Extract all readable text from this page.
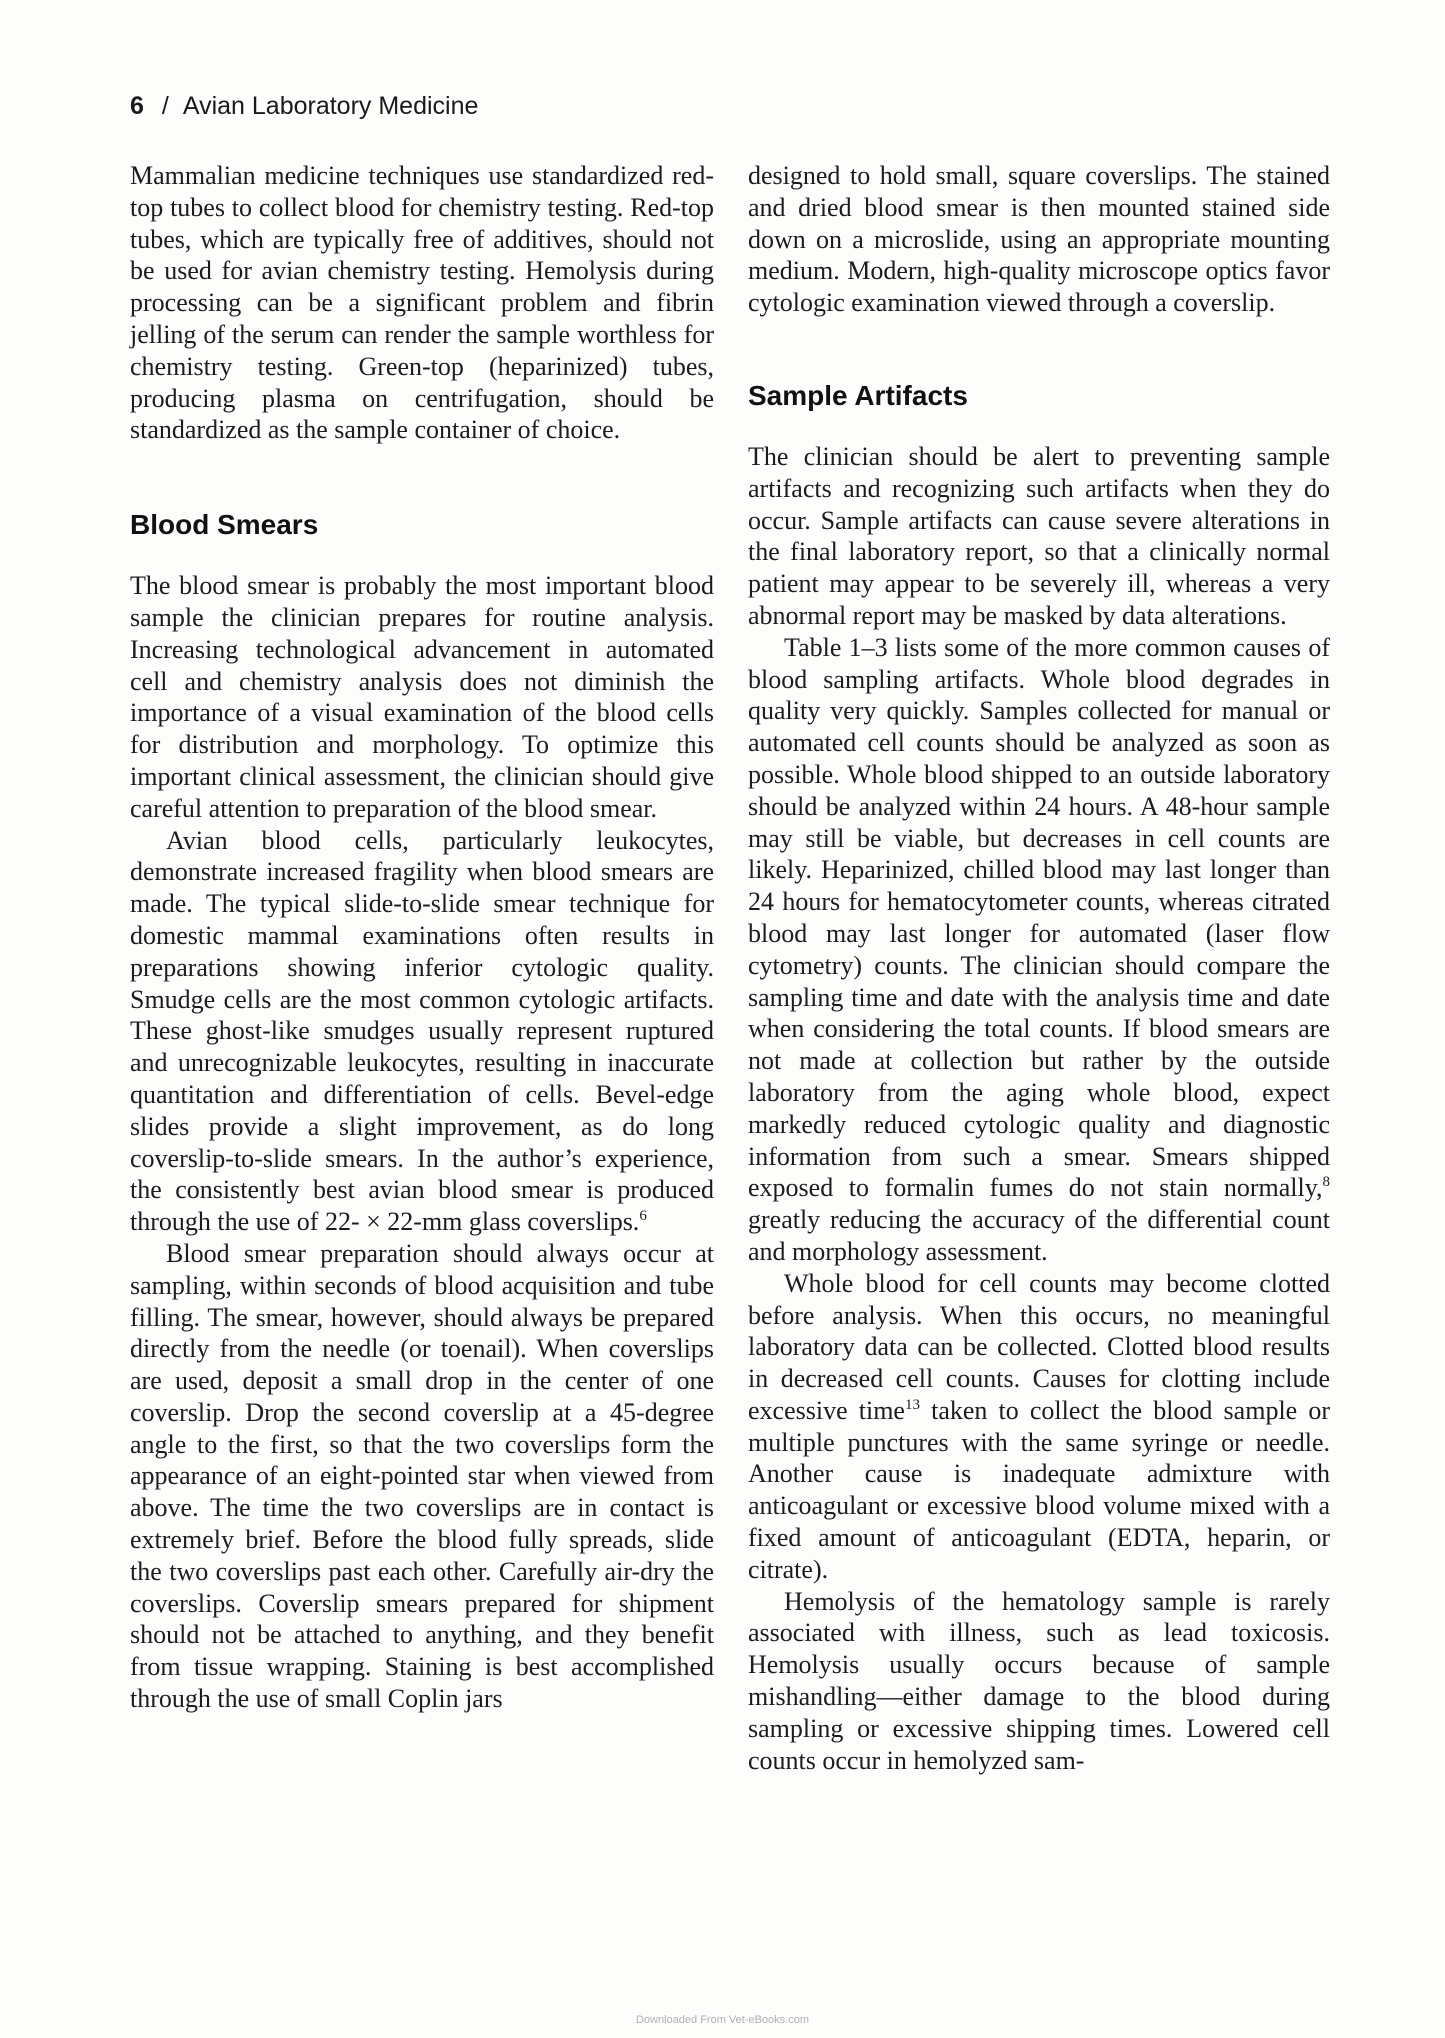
6 / Avian Laboratory Medicine

Mammalian medicine techniques use standardized red-top tubes to collect blood for chemistry testing. Red-top tubes, which are typically free of additives, should not be used for avian chemistry testing. Hemolysis during processing can be a significant problem and fibrin jelling of the serum can render the sample worthless for chemistry testing. Green-top (heparinized) tubes, producing plasma on centrifugation, should be standardized as the sample container of choice.

Blood Smears

The blood smear is probably the most important blood sample the clinician prepares for routine analysis. Increasing technological advancement in automated cell and chemistry analysis does not diminish the importance of a visual examination of the blood cells for distribution and morphology. To optimize this important clinical assessment, the clinician should give careful attention to preparation of the blood smear.

Avian blood cells, particularly leukocytes, demonstrate increased fragility when blood smears are made. The typical slide-to-slide smear technique for domestic mammal examinations often results in preparations showing inferior cytologic quality. Smudge cells are the most common cytologic artifacts. These ghost-like smudges usually represent ruptured and unrecognizable leukocytes, resulting in inaccurate quantitation and differentiation of cells. Bevel-edge slides provide a slight improvement, as do long coverslip-to-slide smears. In the author’s experience, the consistently best avian blood smear is produced through the use of 22- × 22-mm glass coverslips.$^6$

Blood smear preparation should always occur at sampling, within seconds of blood acquisition and tube filling. The smear, however, should always be prepared directly from the needle (or toenail). When coverslips are used, deposit a small drop in the center of one coverslip. Drop the second coverslip at a 45-degree angle to the first, so that the two coverslips form the appearance of an eight-pointed star when viewed from above. The time the two coverslips are in contact is extremely brief. Before the blood fully spreads, slide the two coverslips past each other. Carefully air-dry the coverslips. Coverslip smears prepared for shipment should not be attached to anything, and they benefit from tissue wrapping. Staining is best accomplished through the use of small Coplin jars

designed to hold small, square coverslips. The stained and dried blood smear is then mounted stained side down on a microslide, using an appropriate mounting medium. Modern, high-quality microscope optics favor cytologic examination viewed through a coverslip.

Sample Artifacts

The clinician should be alert to preventing sample artifacts and recognizing such artifacts when they do occur. Sample artifacts can cause severe alterations in the final laboratory report, so that a clinically normal patient may appear to be severely ill, whereas a very abnormal report may be masked by data alterations.

Table 1–3 lists some of the more common causes of blood sampling artifacts. Whole blood degrades in quality very quickly. Samples collected for manual or automated cell counts should be analyzed as soon as possible. Whole blood shipped to an outside laboratory should be analyzed within 24 hours. A 48-hour sample may still be viable, but decreases in cell counts are likely. Heparinized, chilled blood may last longer than 24 hours for hematocytometer counts, whereas citrated blood may last longer for automated (laser flow cytometry) counts. The clinician should compare the sampling time and date with the analysis time and date when considering the total counts. If blood smears are not made at collection but rather by the outside laboratory from the aging whole blood, expect markedly reduced cytologic quality and diagnostic information from such a smear. Smears shipped exposed to formalin fumes do not stain normally,$^8$ greatly reducing the accuracy of the differential count and morphology assessment.

Whole blood for cell counts may become clotted before analysis. When this occurs, no meaningful laboratory data can be collected. Clotted blood results in decreased cell counts. Causes for clotting include excessive time$^{13}$ taken to collect the blood sample or multiple punctures with the same syringe or needle. Another cause is inadequate admixture with anticoagulant or excessive blood volume mixed with a fixed amount of anticoagulant (EDTA, heparin, or citrate).

Hemolysis of the hematology sample is rarely associated with illness, such as lead toxicosis. Hemolysis usually occurs because of sample mishandling—either damage to the blood during sampling or excessive shipping times. Lowered cell counts occur in hemolyzed sam-

Downloaded From Vet-eBooks.com
